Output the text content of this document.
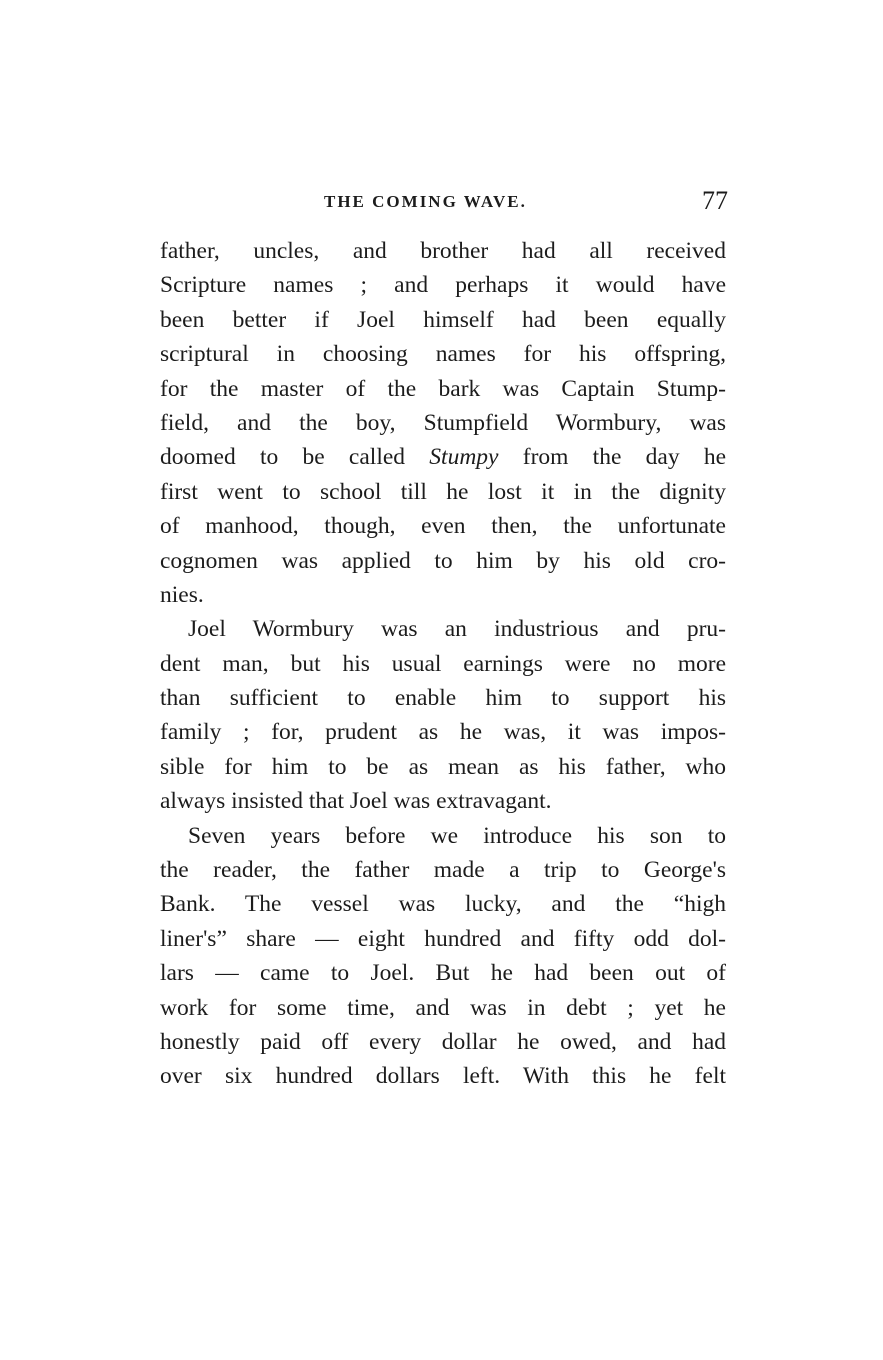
THE COMING WAVE.	77
father, uncles, and brother had all received
Scripture names ; and perhaps it would have
been better if Joel himself had been equally
scriptural in choosing names for his offspring,
for the master of the bark was Captain Stump-
field, and the boy, Stumpfield Wormbury, was
doomed to be called Stumpy from the day he
first went to school till he lost it in the dignity
of manhood, though, even then, the unfortunate
cognomen was applied to him by his old cro-
nies.
Joel Wormbury was an industrious and pru-
dent man, but his usual earnings were no more
than sufficient to enable him to support his
family ; for, prudent as he was, it was impos-
sible for him to be as mean as his father, who
always insisted that Joel was extravagant.
Seven years before we introduce his son to
the reader, the father made a trip to George's
Bank. The vessel was lucky, and the “high
liner's” share — eight hundred and fifty odd dol-
lars — came to Joel. But he had been out of
work for some time, and was in debt ; yet he
honestly paid off every dollar he owed, and had
over six hundred dollars left. With this he felt
